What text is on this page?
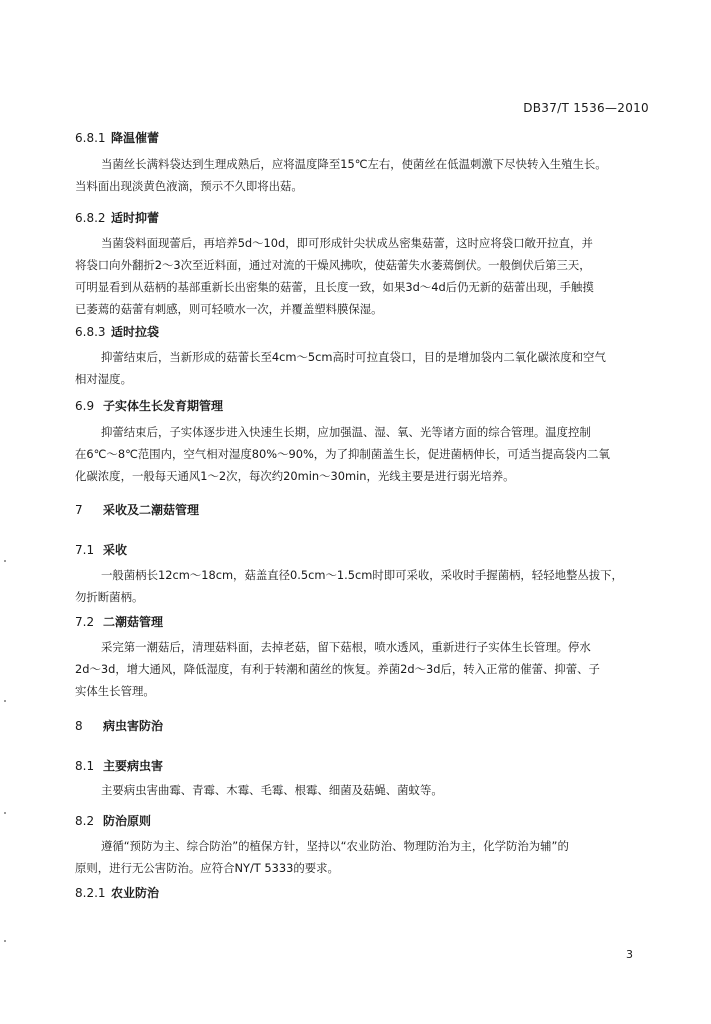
DB37/T 1536—2010
6.8.1 降温催蕾
当菌丝长满料袋达到生理成熟后，应将温度降至15℃左右，使菌丝在低温刺激下尽快转入生殖生长。
当料面出现淡黄色液滴，预示不久即将出菇。
6.8.2 适时抑蕾
当菌袋料面现蕾后，再培养5d～10d，即可形成针尖状成丛密集菇蕾，这时应将袋口敞开拉直，并
将袋口向外翻折2～3次至近料面，通过对流的干燥风拂吹，使菇蕾失水萎蔫倒伏。一般倒伏后第三天，
可明显看到从菇柄的基部重新长出密集的菇蕾，且长度一致，如果3d～4d后仍无新的菇蕾出现，手触摸
已萎蔫的菇蕾有刺感，则可轻喷水一次，并覆盖塑料膜保湿。
6.8.3 适时拉袋
抑蕾结束后，当新形成的菇蕾长至4cm～5cm高时可拉直袋口，目的是增加袋内二氧化碳浓度和空气
相对湿度。
6.9 子实体生长发育期管理
抑蕾结束后，子实体逐步进入快速生长期，应加强温、湿、氧、光等诸方面的综合管理。温度控制
在6℃～8℃范围内，空气相对湿度80%～90%，为了抑制菌盖生长，促进菌柄伸长，可适当提高袋内二氧
化碳浓度，一般每天通风1～2次，每次约20min～30min，光线主要是进行弱光培养。
7 采收及二潮菇管理
7.1 采收
一般菌柄长12cm～18cm，菇盖直径0.5cm～1.5cm时即可采收，采收时手握菌柄，轻轻地整丛拔下，
勿折断菌柄。
7.2 二潮菇管理
采完第一潮菇后，清理菇料面，去掉老菇，留下菇根，喷水透风，重新进行子实体生长管理。停水
2d～3d，增大通风，降低湿度，有利于转潮和菌丝的恢复。养菌2d～3d后，转入正常的催蕾、抑蕾、子
实体生长管理。
8 病虫害防治
8.1 主要病虫害
主要病虫害曲霉、青霉、木霉、毛霉、根霉、细菌及菇蝇、菌蚊等。
8.2 防治原则
遵循“预防为主、综合防治”的植保方针，坚持以“农业防治、物理防治为主，化学防治为辅”的
原则，进行无公害防治。应符合NY/T 5333的要求。
8.2.1 农业防治
3
